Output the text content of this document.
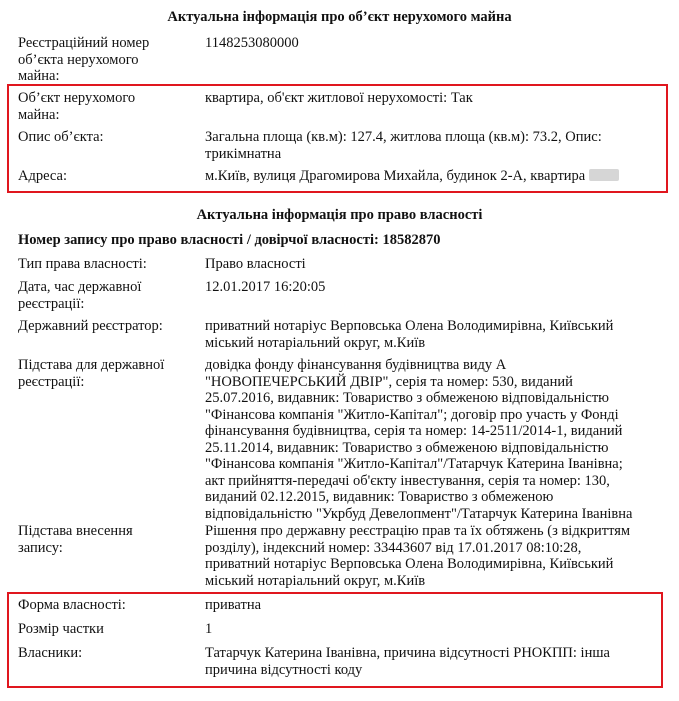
Актуальна інформація про об’єкт нерухомого майна
Реєстраційний номер
об’єкта нерухомого
майна:
1148253080000
Об’єкт нерухомого
майна:
квартира, об'єкт житлової нерухомості: Так
Опис об’єкта:	Загальна площа (кв.м): 127.4, житлова площа (кв.м): 73.2, Опис:
трикімнатна
Адреса:	м.Київ, вулиця Драгомирова Михайла, будинок 2-А, квартира
Актуальна інформація про право власності
Номер запису про право власності / довірчої власності: 18582870
Тип права власності:	Право власності
Дата, час державної
реєстрації:
12.01.2017 16:20:05
Державний реєстратор:	приватний нотаріус Верповська Олена Володимирівна, Київський
міський нотаріальний округ, м.Київ
Підстава для державної
реєстрації:
довідка фонду фінансування будівництва виду А
"НОВОПЕЧЕРСЬКИЙ ДВІР", серія та номер: 530, виданий
25.07.2016, видавник: Товариство з обмеженою відповідальністю
"Фінансова компанія "Житло-Капітал"; договір про участь у Фонді
фінансування будівництва, серія та номер: 14-2511/2014-1, виданий
25.11.2014, видавник: Товариство з обмеженою відповідальністю
"Фінансова компанія "Житло-Капітал"/Татарчук Катерина Іванівна;
акт прийняття-передачі об'єкту інвестування, серія та номер: 130,
виданий 02.12.2015, видавник: Товариство з обмеженою
відповідальністю "Укрбуд Девелопмент"/Татарчук Катерина Іванівна
Підстава внесення
запису:
Рішення про державну реєстрацію прав та їх обтяжень (з відкриттям
розділу), індексний номер: 33443607 від 17.01.2017 08:10:28,
приватний нотаріус Верповська Олена Володимирівна, Київський
міський нотаріальний округ, м.Київ
Форма власності:	приватна
Розмір частки	1
Власники:	Татарчук Катерина Іванівна, причина відсутності РНОКПП: інша
причина відсутності коду
